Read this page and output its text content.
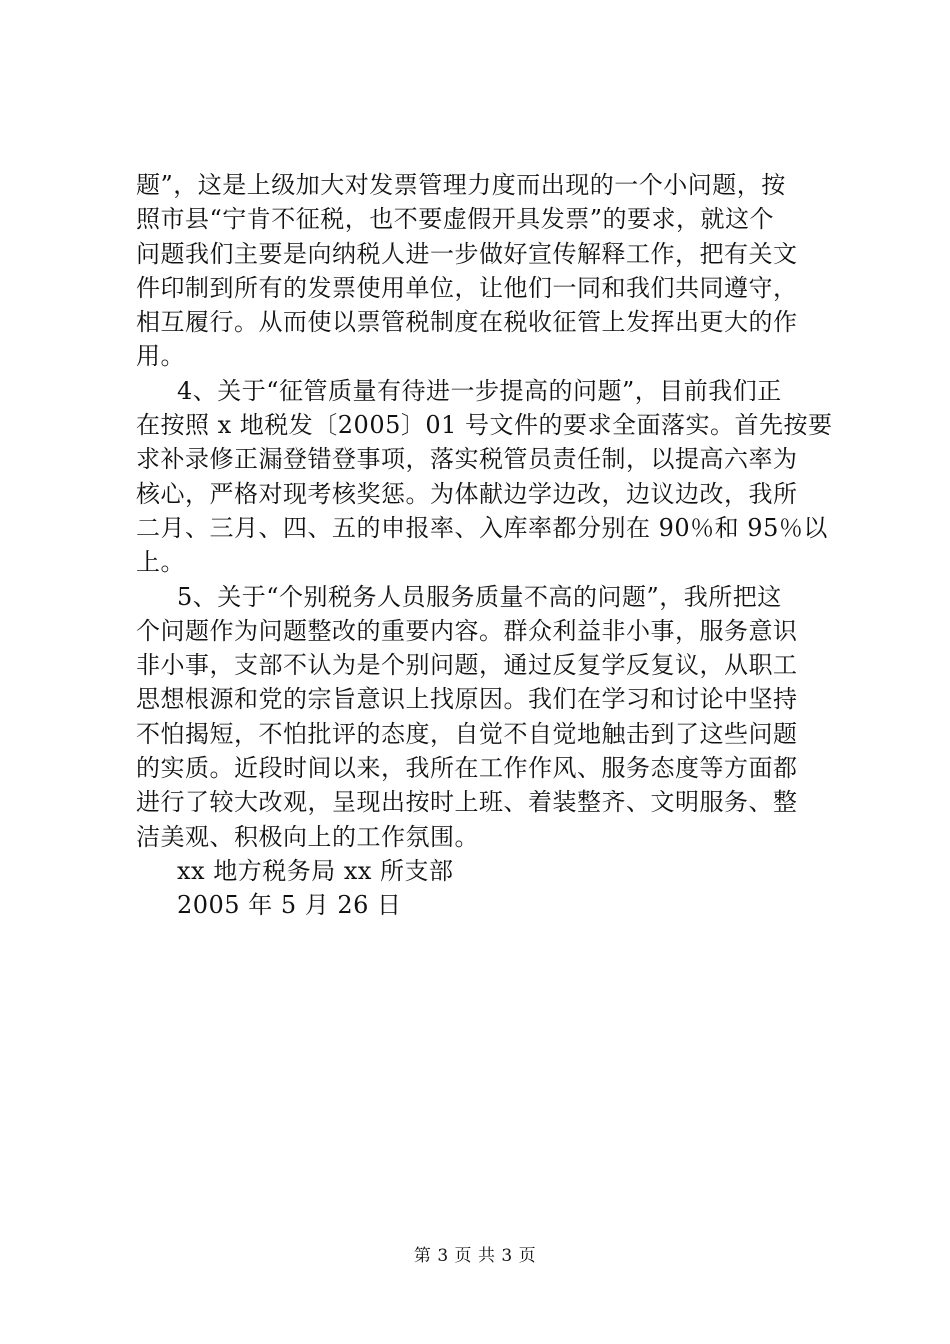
题”，这是上级加大对发票管理力度而出现的一个小问题，按
照市县“宁肯不征税，也不要虚假开具发票”的要求，就这个
问题我们主要是向纳税人进一步做好宣传解释工作，把有关文
件印制到所有的发票使用单位，让他们一同和我们共同遵守，
相互履行。从而使以票管税制度在税收征管上发挥出更大的作
用。
4、关于“征管质量有待进一步提高的问题”，目前我们正
在按照 x 地税发〔2005〕01 号文件的要求全面落实。首先按要
求补录修正漏登错登事项，落实税管员责任制，以提高六率为
核心，严格对现考核奖惩。为体献边学边改，边议边改，我所
二月、三月、四、五的申报率、入库率都分别在 90％和 95％以
上。
5、关于“个别税务人员服务质量不高的问题”，我所把这
个问题作为问题整改的重要内容。群众利益非小事，服务意识
非小事，支部不认为是个别问题，通过反复学反复议，从职工
思想根源和党的宗旨意识上找原因。我们在学习和讨论中坚持
不怕揭短，不怕批评的态度，自觉不自觉地触击到了这些问题
的实质。近段时间以来，我所在工作作风、服务态度等方面都
进行了较大改观，呈现出按时上班、着装整齐、文明服务、整
洁美观、积极向上的工作氛围。
xx 地方税务局 xx 所支部
2005 年 5 月 26 日
第 3 页 共 3 页
